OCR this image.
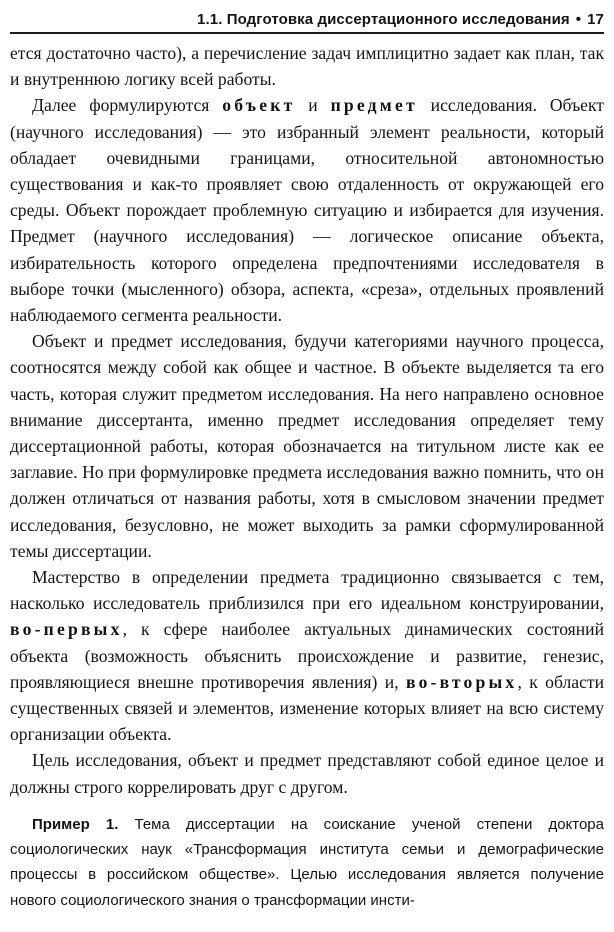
1.1. Подготовка диссертационного исследования • 17

ется достаточно часто), а перечисление задач имплицитно задает как план, так и внутреннюю логику всей работы.

Далее формулируются объект и предмет исследования. Объект (научного исследования) — это избранный элемент реальности, который обладает очевидными границами, относительной автономностью существования и как-то проявляет свою отдаленность от окружающей его среды. Объект порождает проблемную ситуацию и избирается для изучения. Предмет (научного исследования) — логическое описание объекта, избирательность которого определена предпочтениями исследователя в выборе точки (мысленного) обзора, аспекта, «среза», отдельных проявлений наблюдаемого сегмента реальности.

Объект и предмет исследования, будучи категориями научного процесса, соотносятся между собой как общее и частное. В объекте выделяется та его часть, которая служит предметом исследования. На него направлено основное внимание диссертанта, именно предмет исследования определяет тему диссертационной работы, которая обозначается на титульном листе как ее заглавие. Но при формулировке предмета исследования важно помнить, что он должен отличаться от названия работы, хотя в смысловом значении предмет исследования, безусловно, не может выходить за рамки сформулированной темы диссертации.

Мастерство в определении предмета традиционно связывается с тем, насколько исследователь приблизился при его идеальном конструировании, во-первых, к сфере наиболее актуальных динамических состояний объекта (возможность объяснить происхождение и развитие, генезис, проявляющиеся внешне противоречия явления) и, во-вторых, к области существенных связей и элементов, изменение которых влияет на всю систему организации объекта.

Цель исследования, объект и предмет представляют собой единое целое и должны строго коррелировать друг с другом.

Пример 1. Тема диссертации на соискание ученой степени доктора социологических наук «Трансформация института семьи и демографические процессы в российском обществе». Целью исследования является получение нового социологического знания о трансформации инсти-
